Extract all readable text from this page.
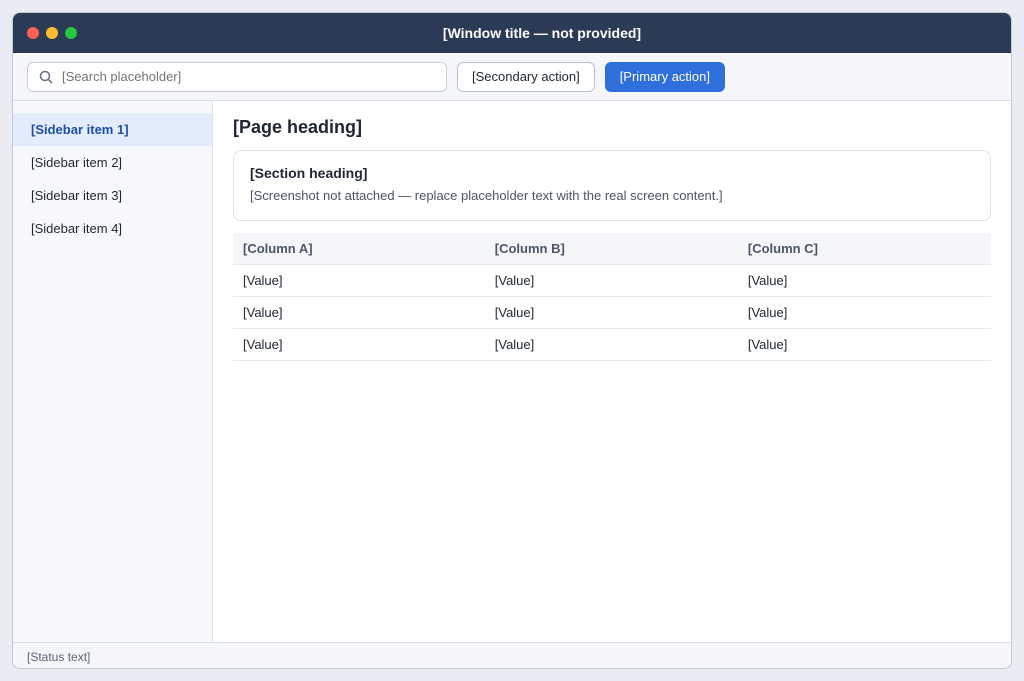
[Window title — not provided]
[Search placeholder]
[Secondary action]	[Primary action]
[Sidebar item 1]
[Sidebar item 2]
[Sidebar item 3]
[Sidebar item 4]
[Page heading]
[Section heading]
[Screenshot not attached — replace placeholder text with the real screen content.]
[Column A]	[Column B]	[Column C]
[Value]	[Value]	[Value]
[Value]	[Value]	[Value]
[Value]	[Value]	[Value]
[Status text]
